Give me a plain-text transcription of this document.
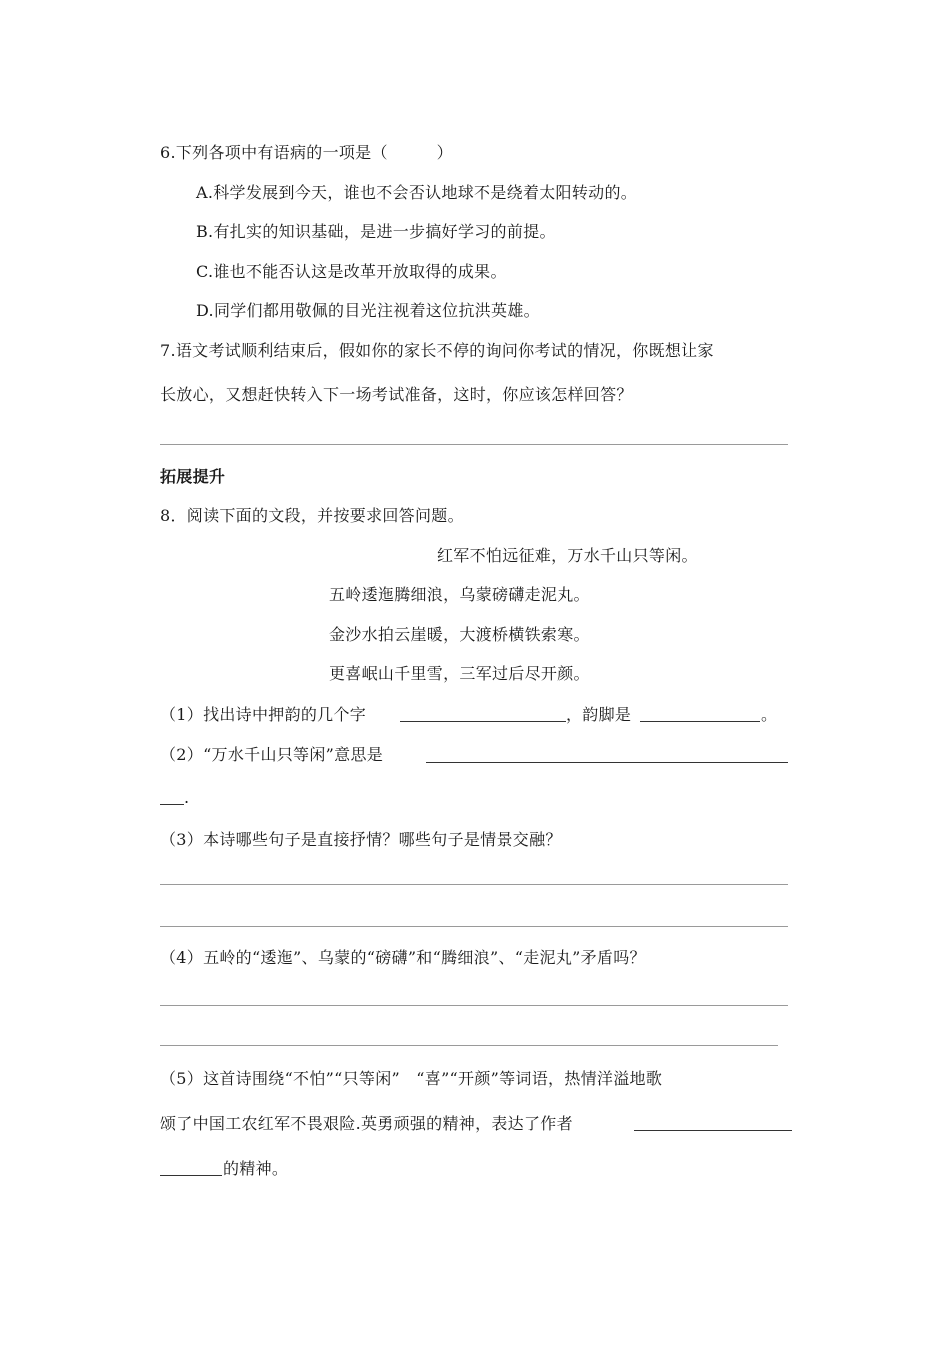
6.下列各项中有语病的一项是（　　　）
A.科学发展到今天，谁也不会否认地球不是绕着太阳转动的。
B.有扎实的知识基础，是进一步搞好学习的前提。
C.谁也不能否认这是改革开放取得的成果。
D.同学们都用敬佩的目光注视着这位抗洪英雄。
7.语文考试顺利结束后，假如你的家长不停的询问你考试的情况，你既想让家
长放心，又想赶快转入下一场考试准备，这时，你应该怎样回答？
拓展提升
8．阅读下面的文段，并按要求回答问题。
红军不怕远征难，万水千山只等闲。
五岭逶迤腾细浪，乌蒙磅礴走泥丸。
金沙水拍云崖暖，大渡桥横铁索寒。
更喜岷山千里雪，三军过后尽开颜。
（1）找出诗中押韵的几个字	，韵脚是	。
（2）“万水千山只等闲”意思是
.
（3）本诗哪些句子是直接抒情？哪些句子是情景交融？
（4）五岭的“逶迤”、乌蒙的“磅礴”和“腾细浪”、“走泥丸”矛盾吗？
（5）这首诗围绕“不怕”“只等闲”　“喜”“开颜”等词语，热情洋溢地歌
颂了中国工农红军不畏艰险.英勇顽强的精神，表达了作者
的精神。
